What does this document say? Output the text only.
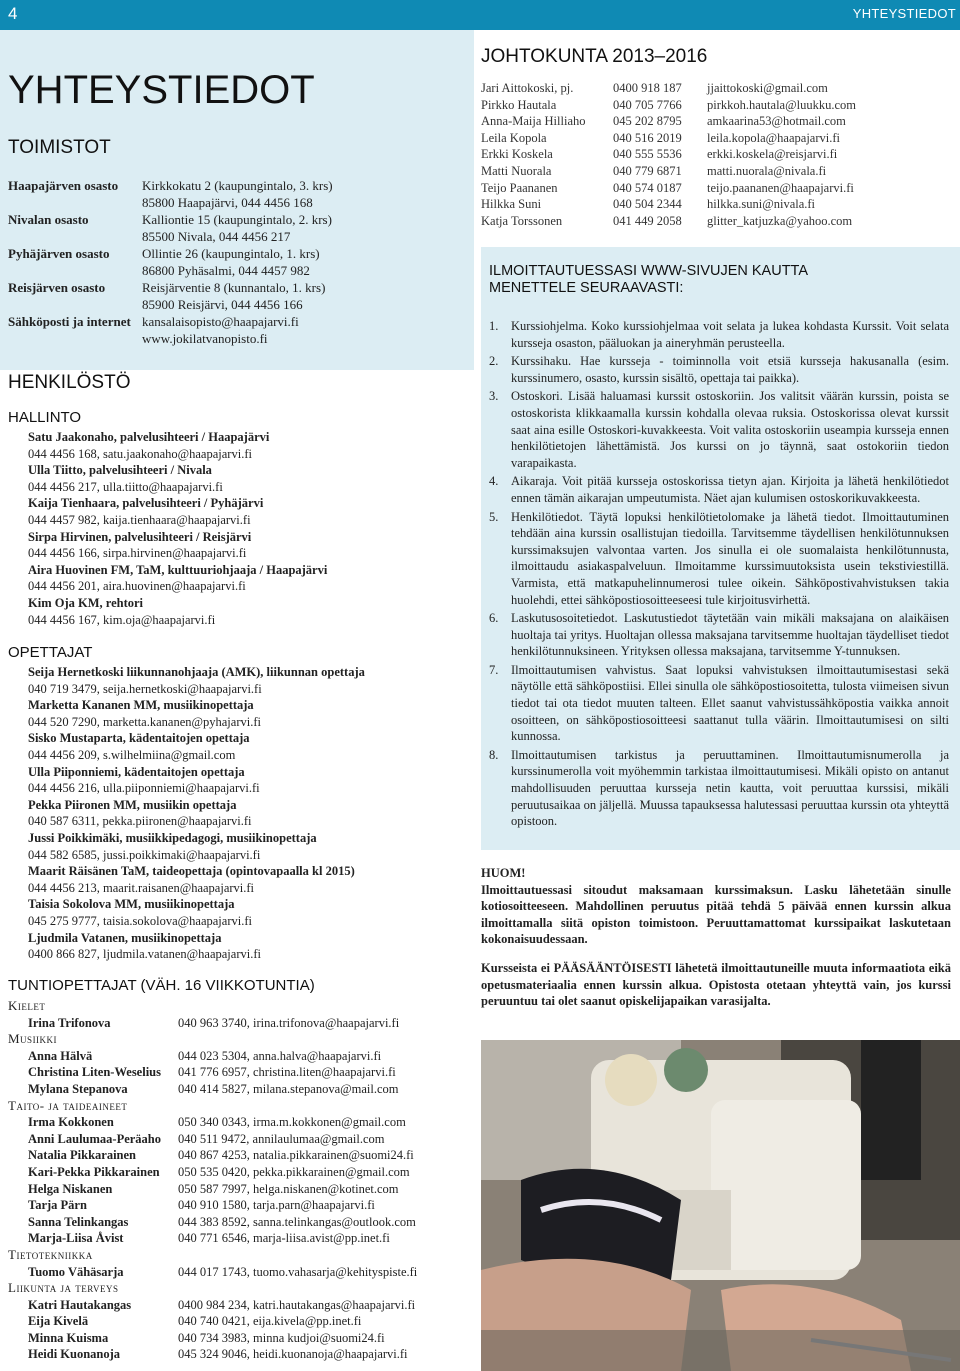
4	YHTEYSTIEDOT
YHTEYSTIEDOT
TOIMISTOT
Haapajärven osasto	Kirkkokatu 2 (kaupungintalo, 3. krs)
85800 Haapajärvi, 044 4456 168
Nivalan osasto	Kalliontie 15 (kaupungintalo, 2. krs)
85500 Nivala, 044 4456 217
Pyhäjärven osasto	Ollintie 26 (kaupungintalo, 1. krs)
86800 Pyhäsalmi, 044 4457 982
Reisjärven osasto	Reisjärventie 8 (kunnantalo, 1. krs)
85900 Reisjärvi, 044 4456 166
Sähköposti ja internet kansalaisopisto@haapajarvi.fi
www.jokilatvanopisto.fi
HENKILÖSTÖ
HALLINTO
Satu Jaakonaho, palvelusihteeri / Haapajärvi
044 4456 168, satu.jaakonaho@haapajarvi.fi
Ulla Tiitto, palvelusihteeri / Nivala
044 4456 217, ulla.tiitto@haapajarvi.fi
Kaija Tienhaara, palvelusihteeri / Pyhäjärvi
044 4457 982, kaija.tienhaara@haapajarvi.fi
Sirpa Hirvinen, palvelusihteeri / Reisjärvi
044 4456 166, sirpa.hirvinen@haapajarvi.fi
Aira Huovinen FM, TaM, kulttuuriohjaaja / Haapajärvi
044 4456 201, aira.huovinen@haapajarvi.fi
Kim Oja KM, rehtori
044 4456 167, kim.oja@haapajarvi.fi
OPETTAJAT
Seija Hernetkoski liikunnanohjaaja (AMK), liikunnan opettaja
040 719 3479, seija.hernetkoski@haapajarvi.fi
Marketta Kananen MM, musiikinopettaja
044 520 7290, marketta.kananen@pyhajarvi.fi
Sisko Mustaparta, kädentaitojen opettaja
044 4456 209, s.wilhelmiina@gmail.com
Ulla Piiponniemi, kädentaitojen opettaja
044 4456 216, ulla.piiponniemi@haapajarvi.fi
Pekka Piironen MM, musiikin opettaja
040 587 6311, pekka.piironen@haapajarvi.fi
Jussi Poikkimäki, musiikkipedagogi, musiikinopettaja
044 582 6585, jussi.poikkimaki@haapajarvi.fi
Maarit Räisänen TaM, taideopettaja (opintovapaalla kl 2015)
044 4456 213, maarit.raisanen@haapajarvi.fi
Taisia Sokolova MM, musiikinopettaja
045 275 9777, taisia.sokolova@haapajarvi.fi
Ljudmila Vatanen, musiikinopettaja
0400 866 827, ljudmila.vatanen@haapajarvi.fi
TUNTIOPETTAJAT (VÄH. 16 VIIKKOTUNTIA)
Kielet
Irina Trifonova	040 963 3740, irina.trifonova@haapajarvi.fi
Musiikki
Anna Hälvä	044 023 5304, anna.halva@haapajarvi.fi
Christina Liten-Weselius	041 776 6957, christina.liten@haapajarvi.fi
Mylana Stepanova	040 414 5827, milana.stepanova@mail.com
Taito- ja taideaineet
Irma Kokkonen	050 340 0343, irma.m.kokkonen@gmail.com
Anni Laulumaa-Peräaho	040 511 9472, annilaulumaa@gmail.com
Natalia Pikkarainen	040 867 4253, natalia.pikkarainen@suomi24.fi
Kari-Pekka Pikkarainen	050 535 0420, pekka.pikkarainen@gmail.com
Helga Niskanen	050 587 7997, helga.niskanen@kotinet.com
Tarja Pärn	040 910 1580, tarja.parn@haapajarvi.fi
Sanna Telinkangas	044 383 8592, sanna.telinkangas@outlook.com
Marja-Liisa Åvist	040 771 6546, marja-liisa.avist@pp.inet.fi
Tietotekniikka
Tuomo Vähäsarja	044 017 1743, tuomo.vahasarja@kehityspiste.fi
Liikunta ja terveys
Katri Hautakangas	0400 984 234, katri.hautakangas@haapajarvi.fi
Eija Kivelä	040 740 0421, eija.kivela@pp.inet.fi
Minna Kuisma	040 734 3983, minna kudjoi@suomi24.fi
Heidi Kuonanoja	045 324 9046, heidi.kuonanoja@haapajarvi.fi
JOHTOKUNTA 2013–2016
Jari Aittokoski, pj.	0400 918 187	jjaittokoski@gmail.com
Pirkko Hautala	040 705 7766	pirkkoh.hautala@luukku.com
Anna-Maija Hilliaho	045 202 8795	amkaarina53@hotmail.com
Leila Kopola	040 516 2019	leila.kopola@haapajarvi.fi
Erkki Koskela	040 555 5536	erkki.koskela@reisjarvi.fi
Matti Nuorala	040 779 6871	matti.nuorala@nivala.fi
Teijo Paananen	040 574 0187	teijo.paananen@haapajarvi.fi
Hilkka Suni	040 504 2344	hilkka.suni@nivala.fi
Katja Torssonen	041 449 2058	glitter_katjuzka@yahoo.com
ILMOITTAUTUESSASI WWW-SIVUJEN KAUTTA
MENETTELE SEURAAVASTI:
1.	Kurssiohjelma. Koko kurssiohjelmaa voit selata ja lukea kohdasta Kurssit. Voit selata kursseja osaston, pääluokan ja aineryhmän perusteella.
2.	Kurssihaku. Hae kursseja - toiminnolla voit etsiä kursseja hakusanalla (esim. kurssinumero, osasto, kurssin sisältö, opettaja tai paikka).
3.	Ostoskori. Lisää haluamasi kurssit ostoskoriin. Jos valitsit väärän kurssin, poista se ostoskorista klikkaamalla kurssin kohdalla olevaa ruksia. Ostoskorissa olevat kurssit saat aina esille Ostoskori-kuvakkeesta. Voit valita ostoskoriin useampia kursseja ennen henkilötietojen lähettämistä. Jos kurssi on jo täynnä, saat ostokoriin tiedon varapaikasta.
4.	Aikaraja. Voit pitää kursseja ostoskorissa tietyn ajan. Kirjoita ja lähetä henkilötiedot ennen tämän aikarajan umpeutumista. Näet ajan kulumisen ostoskorikuvakkeesta.
5.	Henkilötiedot. Täytä lopuksi henkilötietolomake ja lähetä tiedot. Ilmoittautuminen tehdään aina kurssin osallistujan tiedoilla. Tarvitsemme täydellisen henkilötunnuksen kurssimaksujen valvontaa varten. Jos sinulla ei ole suomalaista henkilötunnusta, ilmoittaudu asiakaspalveluun. Ilmoitamme kurssimuutoksista usein tekstiviestillä. Varmista, että matkapuhelinnumerosi tulee oikein. Sähköpostivahvistuksen takia huolehdi, ettei sähköpostiosoitteeseesi tule kirjoitusvirhettä.
6.	Laskutusosoitetiedot. Laskutustiedot täytetään vain mikäli maksajana on alaikäisen huoltaja tai yritys. Huoltajan ollessa maksajana tarvitsemme huoltajan täydelliset tiedot henkilötunnuksineen. Yrityksen ollessa maksajana, tarvitsemme Y-tunnuksen.
7.	Ilmoittautumisen vahvistus. Saat lopuksi vahvistuksen ilmoittautumisestasi sekä näytölle että sähköpostiisi. Ellei sinulla ole sähköpostiosoitetta, tulosta viimeisen sivun tiedot tai ota tiedot muuten talteen. Ellet saanut vahvistussähköpostia vaikka annoit osoitteen, on sähköpostiosoitteesi saattanut tulla väärin. Ilmoittautumisesi on silti kunnossa.
8.	Ilmoittautumisen tarkistus ja peruuttaminen. Ilmoittautumisnumerolla ja kurssinumerolla voit myöhemmin tarkistaa ilmoittautumisesi. Mikäli opisto on antanut mahdollisuuden peruuttaa kursseja netin kautta, voit peruuttaa kurssisi, mikäli peruutusaikaa on jäljellä. Muussa tapauksessa halutessasi peruuttaa kurssin ota yhteyttä opistoon.
HUOM!

Ilmoittautuessasi sitoudut maksamaan kurssimaksun. Lasku lähetetään sinulle kotiosoitteeseen. Mahdollinen peruutus pitää tehdä 5 päivää ennen kurssin alkua ilmoittamalla siitä opiston toimistoon. Peruuttamattomat kurssipaikat laskutetaan kokonaisuudessaan.

Kursseista ei PÄÄSÄÄNTÖISESTI lähetetä ilmoittautuneille muuta informaatiota eikä opetusmateriaalia ennen kurssin alkua. Opistosta otetaan yhteyttä vain, jos kurssi peruuntuu tai olet saanut opiskelijapaikan varasijalta.
